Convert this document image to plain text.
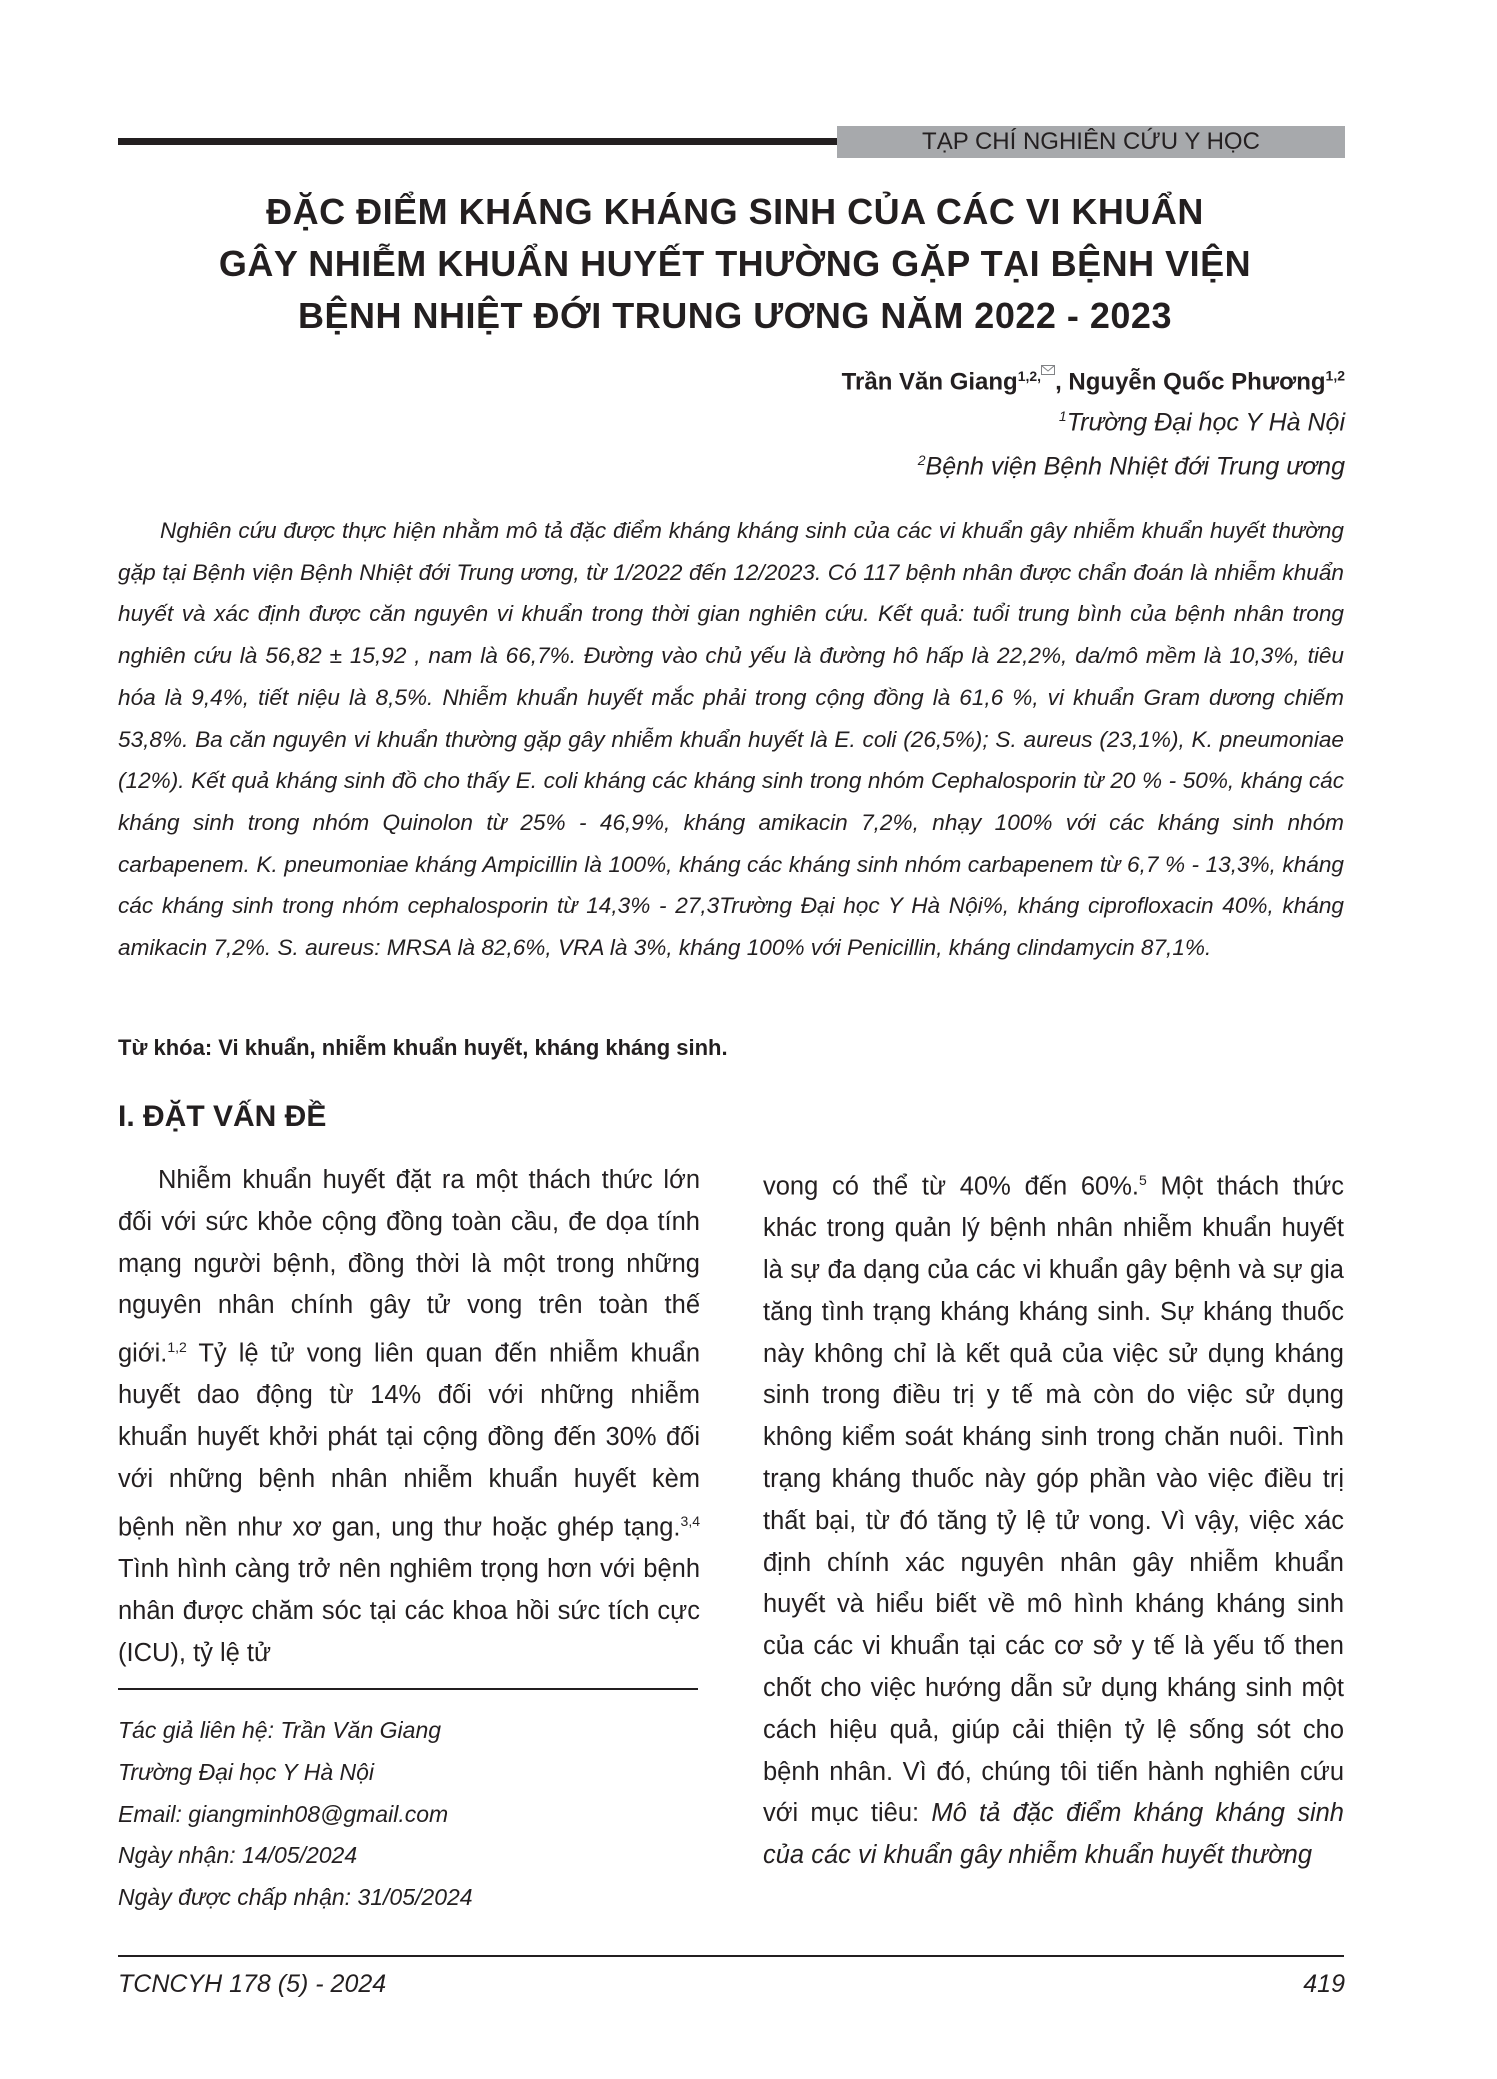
TẠP CHÍ NGHIÊN CỨU Y HỌC
ĐẶC ĐIỂM KHÁNG KHÁNG SINH CỦA CÁC VI KHUẨN
GÂY NHIỄM KHUẨN HUYẾT THƯỜNG GẶP TẠI BỆNH VIỆN
BỆNH NHIỆT ĐỚI TRUNG ƯƠNG NĂM 2022 - 2023
Trần Văn Giang$^{1,2,}$ , Nguyễn Quốc Phương$^{1,2}$
$^1$Trường Đại học Y Hà Nội
$^2$Bệnh viện Bệnh Nhiệt đới Trung ương

Nghiên cứu được thực hiện nhằm mô tả đặc điểm kháng kháng sinh của các vi khuẩn gây nhiễm khuẩn huyết thường gặp tại Bệnh viện Bệnh Nhiệt đới Trung ương, từ 1/2022 đến 12/2023. Có 117 bệnh nhân được chẩn đoán là nhiễm khuẩn huyết và xác định được căn nguyên vi khuẩn trong thời gian nghiên cứu. Kết quả: tuổi trung bình của bệnh nhân trong nghiên cứu là 56,82 ± 15,92 , nam là 66,7%. Đường vào chủ yếu là đường hô hấp là 22,2%, da/mô mềm là 10,3%, tiêu hóa là 9,4%, tiết niệu là 8,5%. Nhiễm khuẩn huyết mắc phải trong cộng đồng là 61,6 %, vi khuẩn Gram dương chiếm 53,8%. Ba căn nguyên vi khuẩn thường gặp gây nhiễm khuẩn huyết là E. coli (26,5%); S. aureus (23,1%), K. pneumoniae (12%). Kết quả kháng sinh đồ cho thấy E. coli kháng các kháng sinh trong nhóm Cephalosporin từ 20 % - 50%, kháng các kháng sinh trong nhóm Quinolon từ 25% - 46,9%, kháng amikacin 7,2%, nhạy 100% với các kháng sinh nhóm carbapenem. K. pneumoniae kháng Ampicillin là 100%, kháng các kháng sinh nhóm carbapenem từ 6,7 % - 13,3%, kháng các kháng sinh trong nhóm cephalosporin từ 14,3% - 27,3Trường Đại học Y Hà Nội%, kháng ciprofloxacin 40%, kháng amikacin 7,2%. S. aureus: MRSA là 82,6%, VRA là 3%, kháng 100% với Penicillin, kháng clindamycin 87,1%.

Từ khóa: Vi khuẩn, nhiễm khuẩn huyết, kháng kháng sinh.
I. ĐẶT VẤN ĐỀ

Nhiễm khuẩn huyết đặt ra một thách thức lớn đối với sức khỏe cộng đồng toàn cầu, đe dọa tính mạng người bệnh, đồng thời là một trong những nguyên nhân chính gây tử vong trên toàn thế giới.$^{1,2}$ Tỷ lệ tử vong liên quan đến nhiễm khuẩn huyết dao động từ 14% đối với những nhiễm khuẩn huyết khởi phát tại cộng đồng đến 30% đối với những bệnh nhân nhiễm khuẩn huyết kèm bệnh nền như xơ gan, ung thư hoặc ghép tạng.$^{3,4}$ Tình hình càng trở nên nghiêm trọng hơn với bệnh nhân được chăm sóc tại các khoa hồi sức tích cực (ICU), tỷ lệ tử

vong có thể từ 40% đến 60%.$^5$ Một thách thức khác trong quản lý bệnh nhân nhiễm khuẩn huyết là sự đa dạng của các vi khuẩn gây bệnh và sự gia tăng tình trạng kháng kháng sinh. Sự kháng thuốc này không chỉ là kết quả của việc sử dụng kháng sinh trong điều trị y tế mà còn do việc sử dụng không kiểm soát kháng sinh trong chăn nuôi. Tình trạng kháng thuốc này góp phần vào việc điều trị thất bại, từ đó tăng tỷ lệ tử vong. Vì vậy, việc xác định chính xác nguyên nhân gây nhiễm khuẩn huyết và hiểu biết về mô hình kháng kháng sinh của các vi khuẩn tại các cơ sở y tế là yếu tố then chốt cho việc hướng dẫn sử dụng kháng sinh một cách hiệu quả, giúp cải thiện tỷ lệ sống sót cho bệnh nhân. Vì đó, chúng tôi tiến hành nghiên cứu với mục tiêu: Mô tả đặc điểm kháng kháng sinh của các vi khuẩn gây nhiễm khuẩn huyết thường

Tác giả liên hệ: Trần Văn Giang
Trường Đại học Y Hà Nội
Email: giangminh08@gmail.com
Ngày nhận: 14/05/2024
Ngày được chấp nhận: 31/05/2024
TCNCYH 178 (5) - 2024	419
